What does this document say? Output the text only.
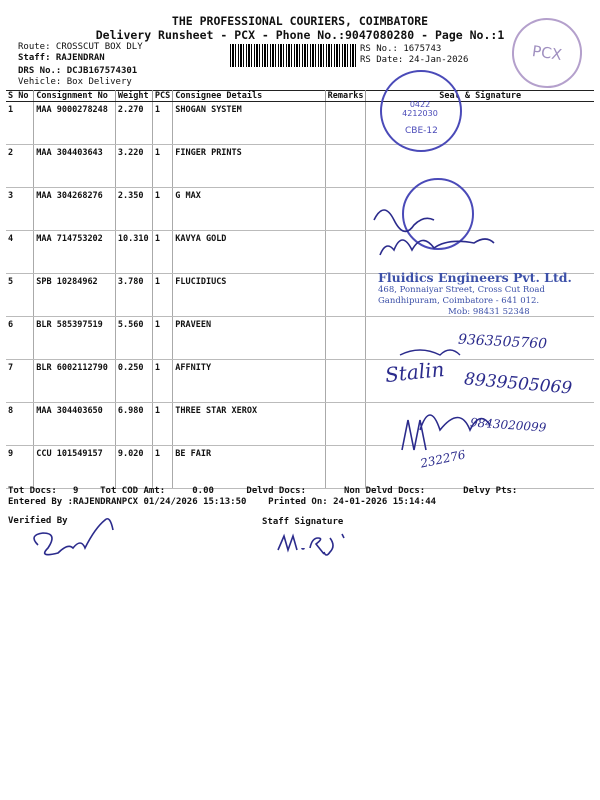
THE PROFESSIONAL COURIERS, COIMBATORE
Delivery Runsheet - PCX - Phone No.:9047080280 - Page No.:1
Route: CROSSCUT BOX DLY
Staff: RAJENDRAN
DRS No.: DCJB167574301
Vehicle: Box Delivery
RS No.: 1675743
RS Date: 24-Jan-2026	PCX
S No	Consignment No	Weight	PCS	Consignee Details	Remarks	Seal & Signature
1	MAA 9000278248	2.270	1	SHOGAN SYSTEM		
2	MAA 304403643	3.220	1	FINGER PRINTS		
3	MAA 304268276	2.350	1	G MAX		
4	MAA 714753202	10.310	1	KAVYA GOLD		
5	SPB 10284962	3.780	1	FLUCIDIUCS		
6	BLR 585397519	5.560	1	PRAVEEN		
7	BLR 6002112790	0.250	1	AFFNITY		
8	MAA 304403650	6.980	1	THREE STAR XEROX		
9	CCU 101549157	9.020	1	BE FAIR		
0422 4212030
CBE-12
Fluidics Engineers Pvt. Ltd.
468, Ponnaiyar Street, Cross Cut Road
Gandhipuram, Coimbatore - 641 012.
Mob: 98431 52348
9363505760
Stalin 8939505069
9843020099
232276
Tot Docs:   9    Tot COD Amt:     0.00      Delvd Docs:       Non Delvd Docs:       Delvy Pts:
Entered By :RAJENDRANPCX 01/24/2026 15:13:50    Printed On: 24-01-2026 15:14:44
Verified By	Staff Signature
